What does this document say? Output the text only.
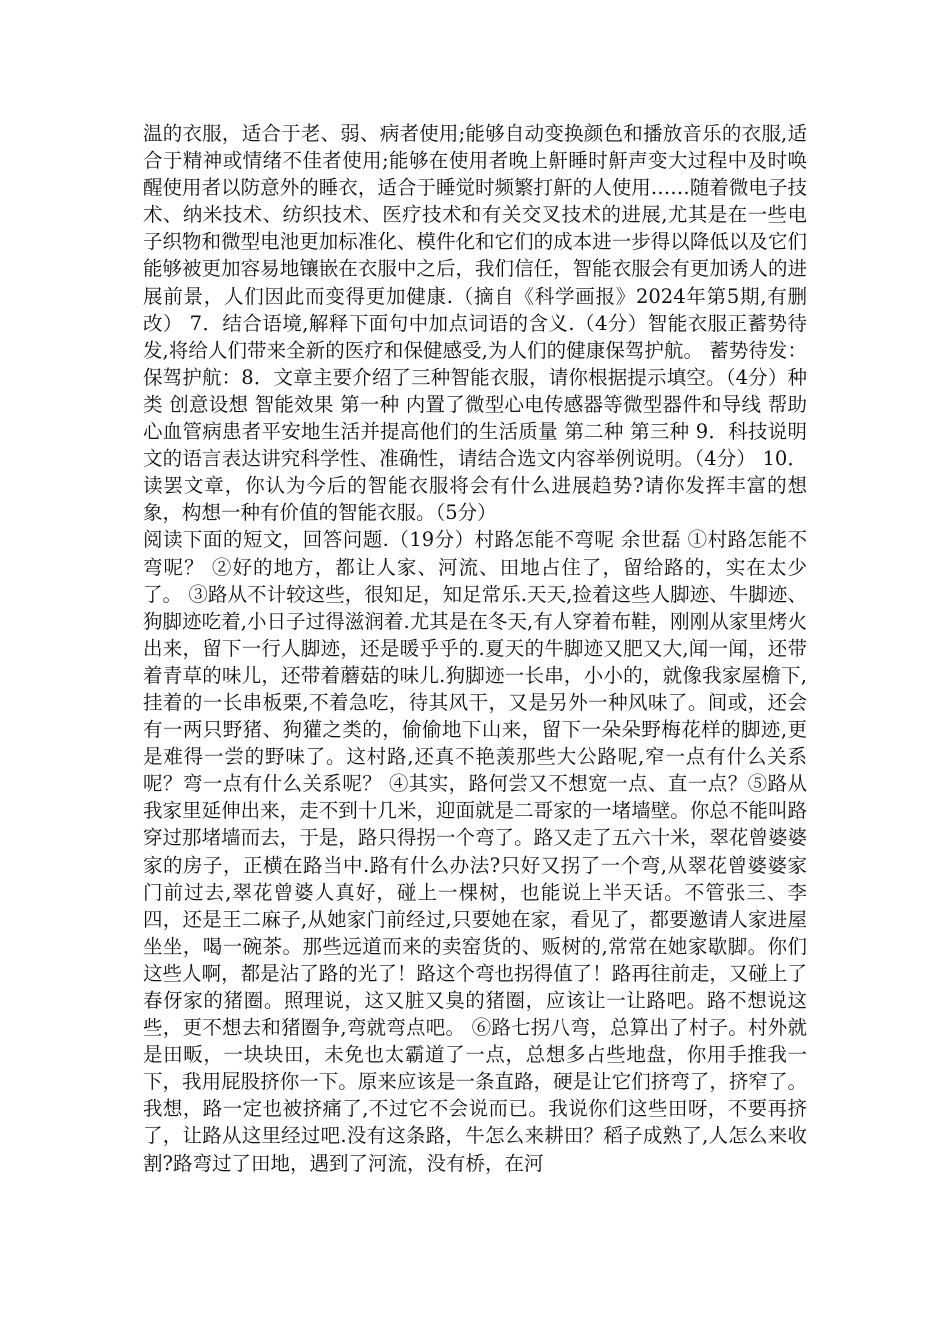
温的衣服，适合于老、弱、病者使用;能够自动变换颜色和播放音乐的衣服,适合于精神或情绪不佳者使用;能够在使用者晚上鼾睡时鼾声变大过程中及时唤醒使用者以防意外的睡衣，适合于睡觉时频繁打鼾的人使用……随着微电子技术、纳米技术、纺织技术、医疗技术和有关交叉技术的进展,尤其是在一些电子织物和微型电池更加标准化、模件化和它们的成本进一步得以降低以及它们能够被更加容易地镶嵌在衣服中之后，我们信任，智能衣服会有更加诱人的进展前景，人们因此而变得更加健康.（摘自《科学画报》2024年第5期,有删改） 7．结合语境,解释下面句中加点词语的含义.（4分）智能衣服正蓄势待发,将给人们带来全新的医疗和保健感受,为人们的健康保驾护航。 蓄势待发：保驾护航：8．文章主要介绍了三种智能衣服，请你根据提示填空。（4分）种类 创意设想 智能效果 第一种 内置了微型心电传感器等微型器件和导线 帮助心血管病患者平安地生活并提高他们的生活质量 第二种 第三种 9．科技说明文的语言表达讲究科学性、准确性，请结合选文内容举例说明。（4分） 10．读罢文章，你认为今后的智能衣服将会有什么进展趋势?请你发挥丰富的想象，构想一种有价值的智能衣服。（5分）

阅读下面的短文，回答问题.（19分）村路怎能不弯呢 余世磊 ①村路怎能不弯呢？ ②好的地方，都让人家、河流、田地占住了，留给路的，实在太少了。 ③路从不计较这些，很知足，知足常乐.天天,捡着这些人脚迹、牛脚迹、狗脚迹吃着,小日子过得滋润着.尤其是在冬天,有人穿着布鞋，刚刚从家里烤火出来，留下一行人脚迹，还是暖乎乎的.夏天的牛脚迹又肥又大,闻一闻，还带着青草的味儿，还带着蘑菇的味儿.狗脚迹一长串，小小的，就像我家屋檐下,挂着的一长串板栗,不着急吃，待其风干，又是另外一种风味了。间或，还会有一两只野猪、狗獾之类的，偷偷地下山来，留下一朵朵野梅花样的脚迹,更是难得一尝的野味了。这村路,还真不艳羡那些大公路呢,窄一点有什么关系呢？弯一点有什么关系呢？ ④其实，路何尝又不想宽一点、直一点？⑤路从我家里延伸出来，走不到十几米，迎面就是二哥家的一堵墙壁。你总不能叫路穿过那堵墙而去，于是，路只得拐一个弯了。路又走了五六十米，翠花曾婆婆家的房子，正横在路当中.路有什么办法?只好又拐了一个弯,从翠花曾婆婆家门前过去,翠花曾婆人真好，碰上一棵树，也能说上半天话。不管张三、李四，还是王二麻子,从她家门前经过,只要她在家，看见了，都要邀请人家进屋坐坐，喝一碗茶。那些远道而来的卖窑货的、贩树的,常常在她家歇脚。你们这些人啊，都是沾了路的光了！路这个弯也拐得值了！路再往前走，又碰上了春伢家的猪圈。照理说，这又脏又臭的猪圈，应该让一让路吧。路不想说这些，更不想去和猪圈争,弯就弯点吧。 ⑥路七拐八弯，总算出了村子。村外就是田畈，一块块田，未免也太霸道了一点，总想多占些地盘，你用手推我一下，我用屁股挤你一下。原来应该是一条直路，硬是让它们挤弯了，挤窄了。我想，路一定也被挤痛了,不过它不会说而已。我说你们这些田呀，不要再挤了，让路从这里经过吧.没有这条路，牛怎么来耕田？稻子成熟了,人怎么来收割?路弯过了田地，遇到了河流，没有桥，在河
